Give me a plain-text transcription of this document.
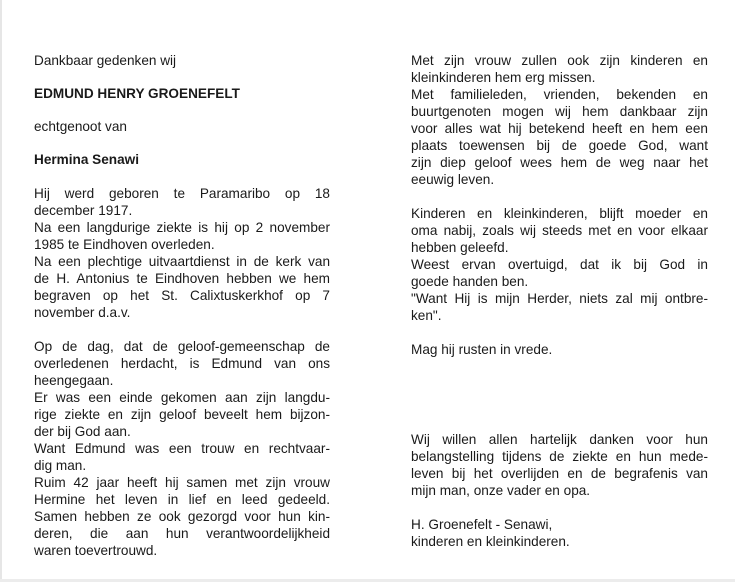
Dankbaar gedenken wij
EDMUND HENRY GROENEFELT
echtgenoot van
Hermina Senawi
Hij werd geboren te Paramaribo op 18
december 1917.
Na een langdurige ziekte is hij op 2 november
1985 te Eindhoven overleden.
Na een plechtige uitvaartdienst in de kerk van
de H. Antonius te Eindhoven hebben we hem
begraven op het St. Calixtuskerkhof op 7
november d.a.v.
Op de dag, dat de geloof-gemeenschap de
overledenen herdacht, is Edmund van ons
heengegaan.
Er was een einde gekomen aan zijn langdu-
rige ziekte en zijn geloof beveelt hem bijzon-
der bij God aan.
Want Edmund was een trouw en rechtvaar-
dig man.
Ruim 42 jaar heeft hij samen met zijn vrouw
Hermine het leven in lief en leed gedeeld.
Samen hebben ze ook gezorgd voor hun kin-
deren, die aan hun verantwoordelijkheid
waren toevertrouwd.
Met zijn vrouw zullen ook zijn kinderen en
kleinkinderen hem erg missen.
Met familieleden, vrienden, bekenden en
buurtgenoten mogen wij hem dankbaar zijn
voor alles wat hij betekend heeft en hem een
plaats toewensen bij de goede God, want
zijn diep geloof wees hem de weg naar het
eeuwig leven.
Kinderen en kleinkinderen, blijft moeder en
oma nabij, zoals wij steeds met en voor elkaar
hebben geleefd.
Weest ervan overtuigd, dat ik bij God in
goede handen ben.
"Want Hij is mijn Herder, niets zal mij ontbre-
ken".
Mag hij rusten in vrede.
Wij willen allen hartelijk danken voor hun
belangstelling tijdens de ziekte en hun mede-
leven bij het overlijden en de begrafenis van
mijn man, onze vader en opa.
H. Groenefelt - Senawi,
kinderen en kleinkinderen.
